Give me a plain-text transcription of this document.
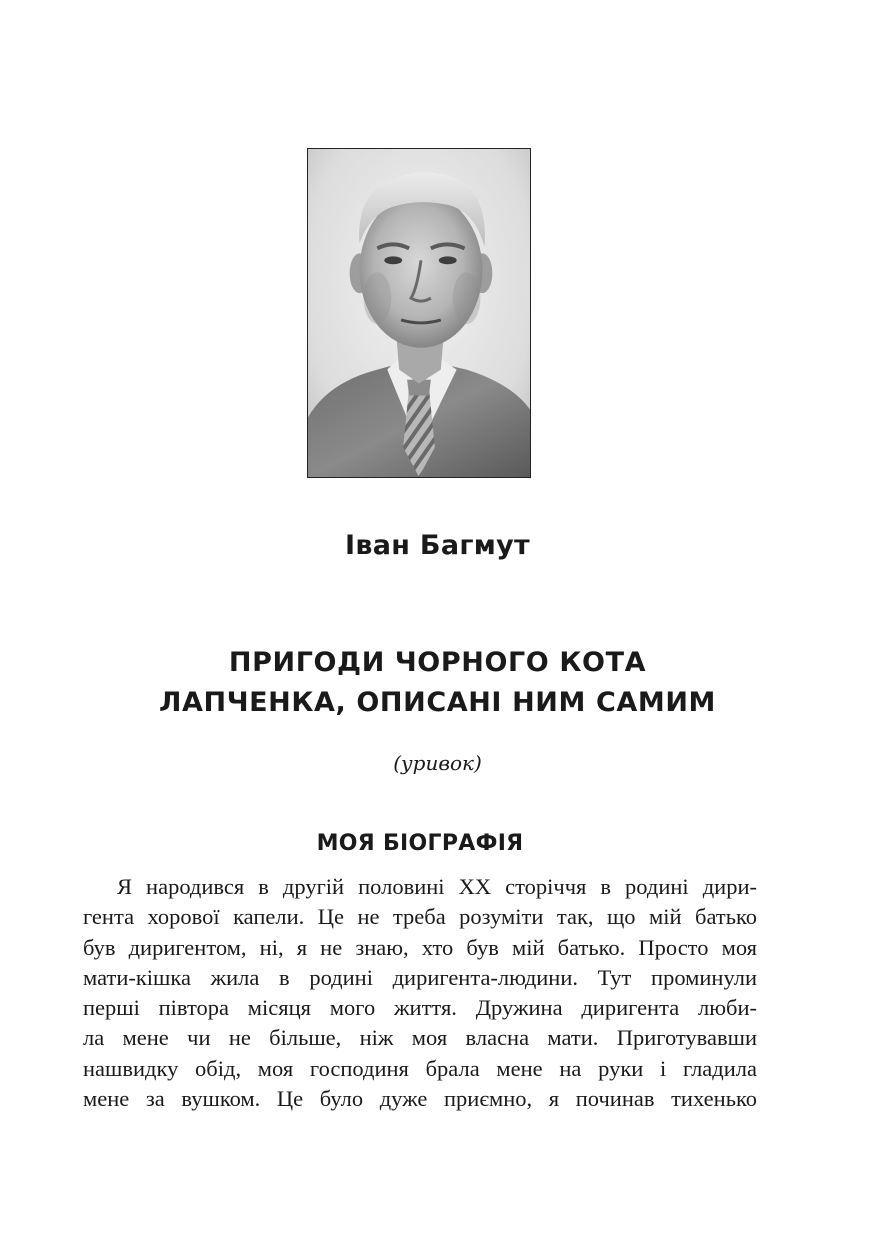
Іван Багмут
ПРИГОДИ ЧОРНОГО КОТА
ЛАПЧЕНКА, ОПИСАНІ НИМ САМИМ

(уривок)

МОЯ БІОГРАФІЯ
Я народився в другій половині XX сторіччя в родині дири-
гента хорової капели. Це не треба розуміти так, що мій батько
був диригентом, ні, я не знаю, хто був мій батько. Просто моя
мати-кішка жила в родині диригента-людини. Тут проминули
перші півтора місяця мого життя. Дружина диригента люби-
ла мене чи не більше, ніж моя власна мати. Приготувавши
нашвидку обід, моя господиня брала мене на руки і гладила
мене за вушком. Це було дуже приємно, я починав тихенько
